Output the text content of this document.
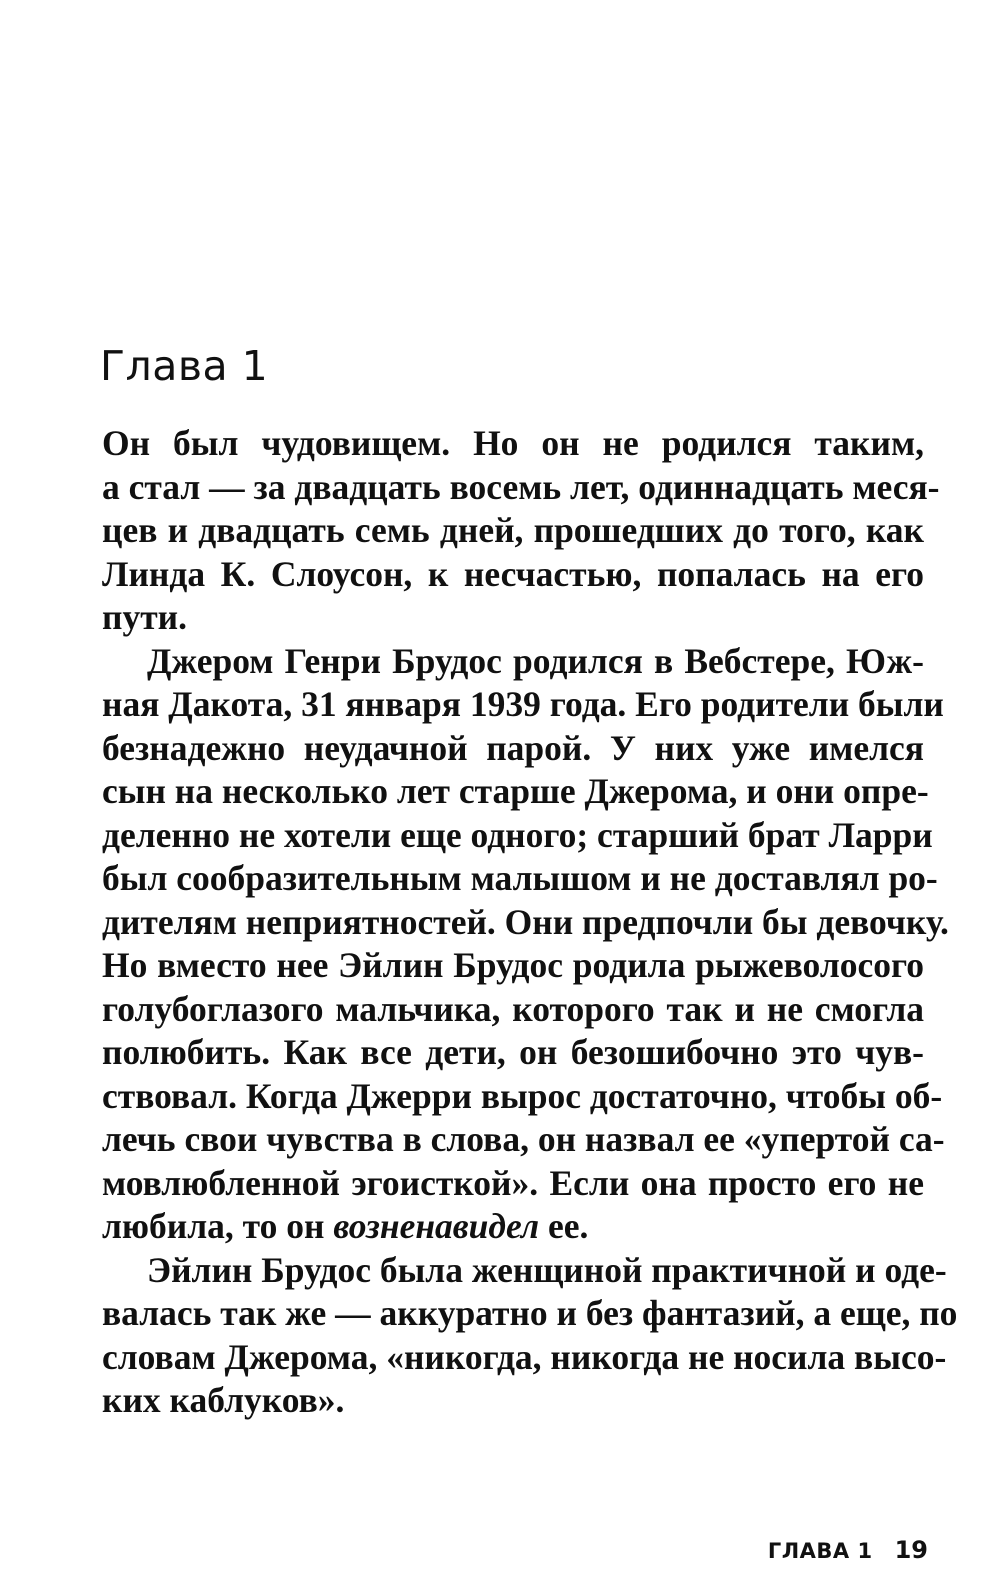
Глава 1
Он был чудовищем. Но он не родился таким,
а стал — за двадцать восемь лет, одиннадцать меся-
цев и двадцать семь дней, прошедших до того, как
Линда К. Слоусон, к несчастью, попалась на его
пути.
Джером Генри Брудос родился в Вебстере, Юж-
ная Дакота, 31 января 1939 года. Его родители были
безнадежно неудачной парой. У них уже имелся
сын на несколько лет старше Джерома, и они опре-
деленно не хотели еще одного; старший брат Ларри
был сообразительным малышом и не доставлял ро-
дителям неприятностей. Они предпочли бы девочку.
Но вместо нее Эйлин Брудос родила рыжеволосого
голубоглазого мальчика, которого так и не смогла
полюбить. Как все дети, он безошибочно это чув-
ствовал. Когда Джерри вырос достаточно, чтобы об-
лечь свои чувства в слова, он назвал ее «упертой са-
мовлюбленной эгоисткой». Если она просто его не
любила, то он возненавидел ее.
Эйлин Брудос была женщиной практичной и оде-
валась так же — аккуратно и без фантазий, а еще, по
словам Джерома, «никогда, никогда не носила высо-
ких каблуков».
ГЛАВА 1 19
